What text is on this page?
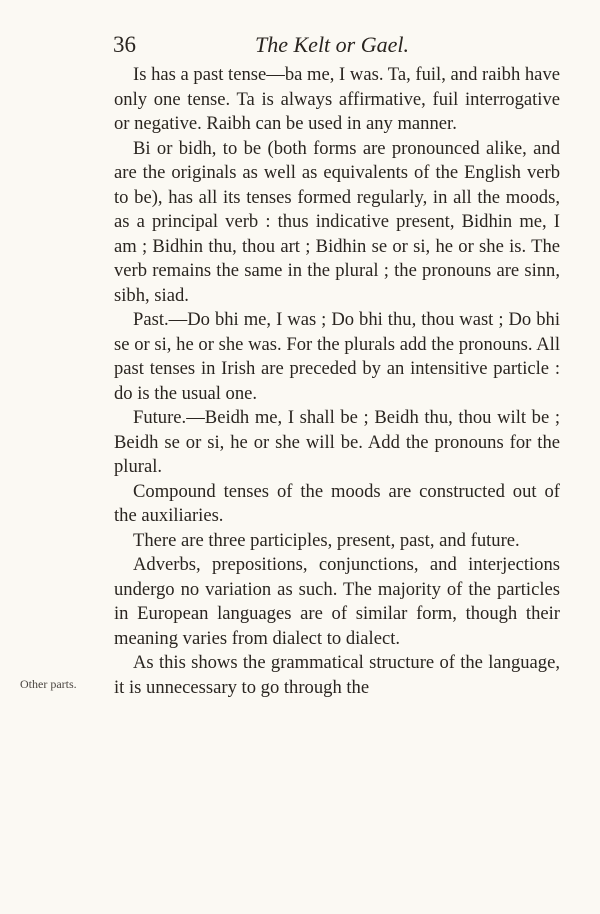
36	The Kelt or Gael.
Other parts.

Is has a past tense—ba me, I was. Ta, fuil, and raibh have only one tense. Ta is always affirmative, fuil interrogative or negative. Raibh can be used in any manner.

Bi or bidh, to be (both forms are pronounced alike, and are the originals as well as equivalents of the English verb to be), has all its tenses formed regularly, in all the moods, as a principal verb : thus indicative present, Bidhin me, I am ; Bidhin thu, thou art ; Bidhin se or si, he or she is. The verb remains the same in the plural ; the pronouns are sinn, sibh, siad.

Past.—Do bhi me, I was ; Do bhi thu, thou wast ; Do bhi se or si, he or she was. For the plurals add the pronouns. All past tenses in Irish are preceded by an intensitive particle : do is the usual one.

Future.—Beidh me, I shall be ; Beidh thu, thou wilt be ; Beidh se or si, he or she will be. Add the pronouns for the plural.

Compound tenses of the moods are constructed out of the auxiliaries.

There are three participles, present, past, and future.

Adverbs, prepositions, conjunctions, and interjections undergo no variation as such. The majority of the particles in European languages are of similar form, though their meaning varies from dialect to dialect.

As this shows the grammatical structure of the language, it is unnecessary to go through the
